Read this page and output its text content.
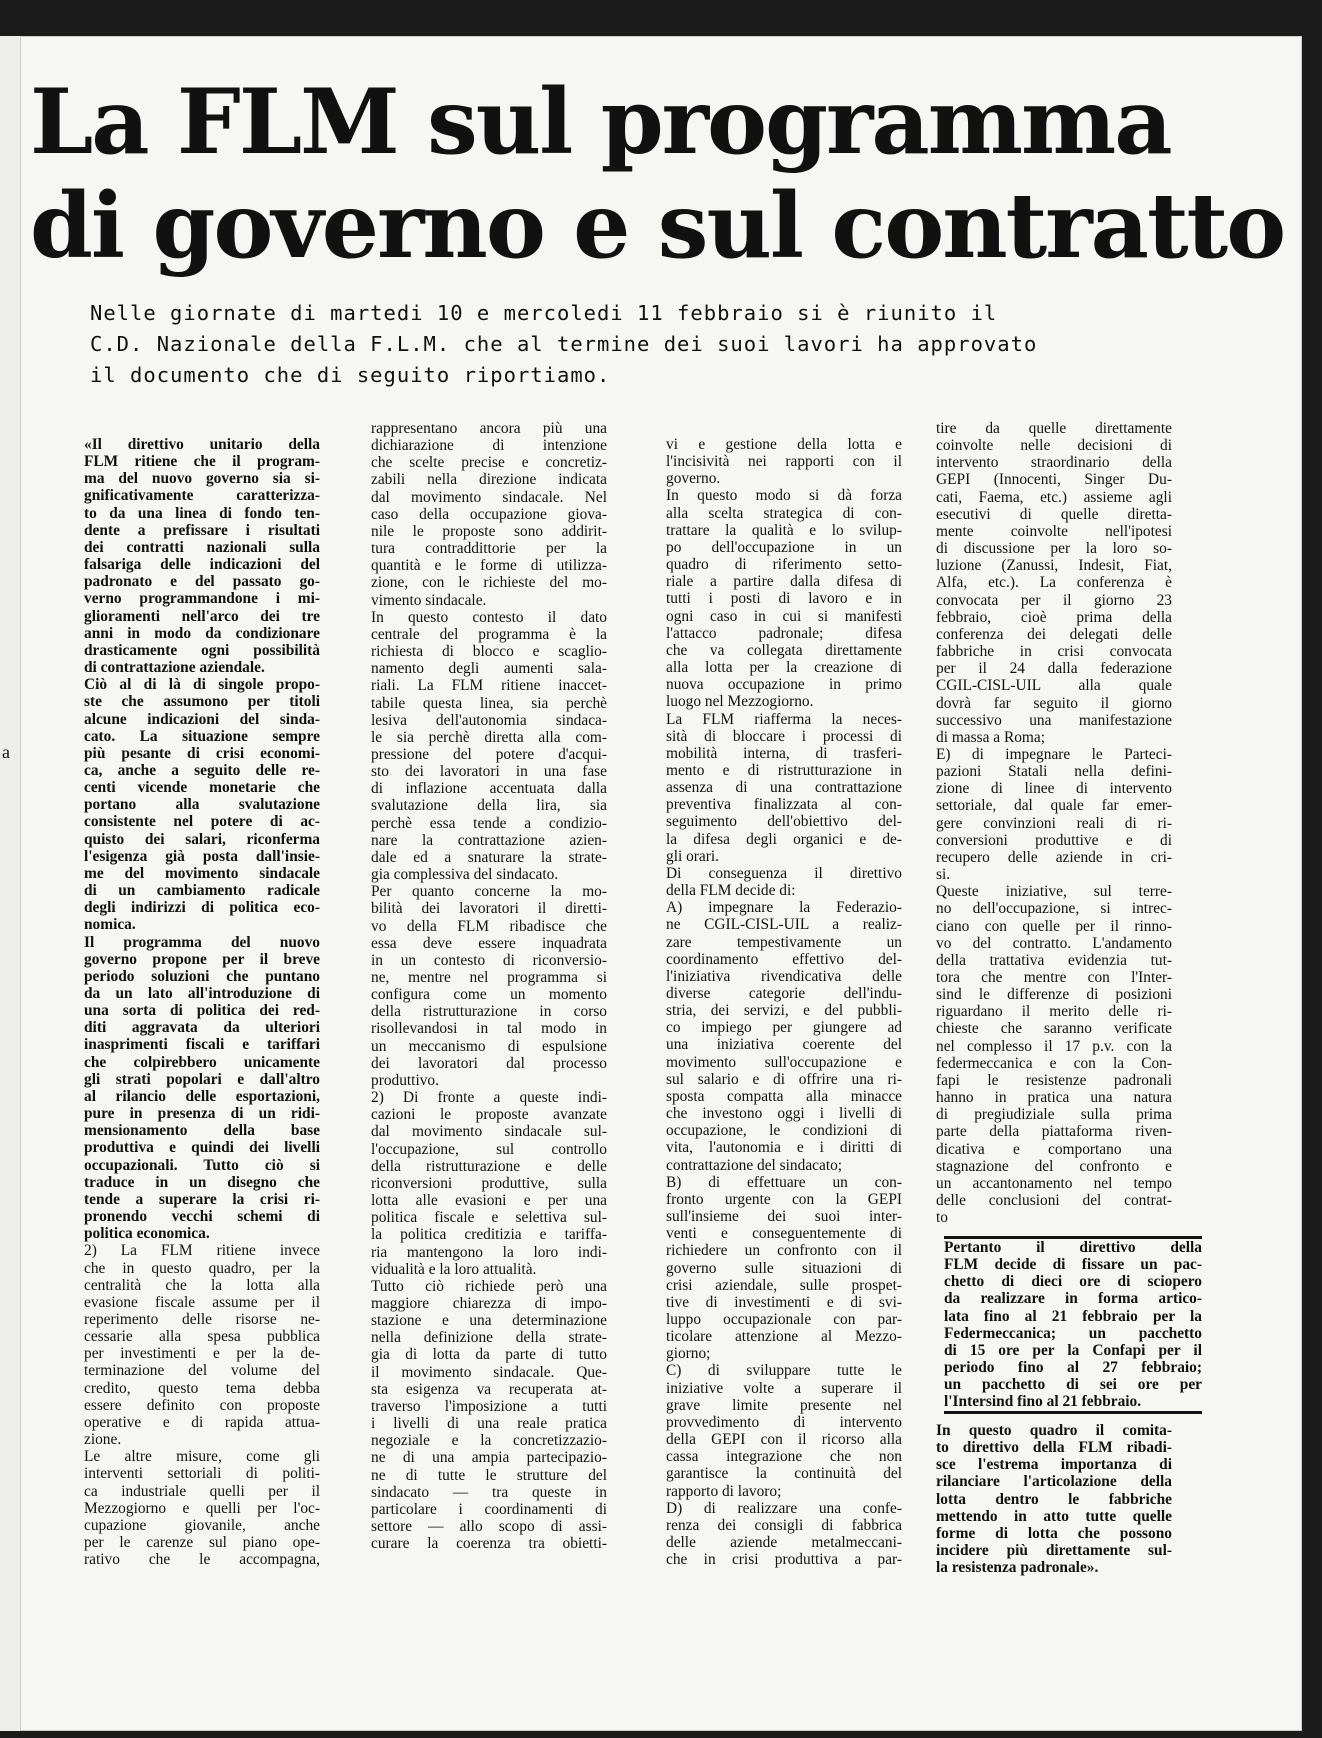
a
La FLM sul programma
di governo e sul contratto
Nelle giornate di martedi 10 e mercoledi 11 febbraio si è riunito il
C.D. Nazionale della F.L.M. che al termine dei suoi lavori ha approvato
il documento che di seguito riportiamo.
«Il direttivo unitario della
FLM ritiene che il program-
ma del nuovo governo sia si-
gnificativamente caratterizza-
to da una linea di fondo ten-
dente a prefissare i risultati
dei contratti nazionali sulla
falsariga delle indicazioni del
padronato e del passato go-
verno programmandone i mi-
glioramenti nell'arco dei tre
anni in modo da condizionare
drasticamente ogni possibilità
di contrattazione aziendale.
Ciò al di là di singole propo-
ste che assumono per titoli
alcune indicazioni del sinda-
cato. La situazione sempre
più pesante di crisi economi-
ca, anche a seguito delle re-
centi vicende monetarie che
portano alla svalutazione
consistente nel potere di ac-
quisto dei salari, riconferma
l'esigenza già posta dall'insie-
me del movimento sindacale
di un cambiamento radicale
degli indirizzi di politica eco-
nomica.
Il programma del nuovo
governo propone per il breve
periodo soluzioni che puntano
da un lato all'introduzione di
una sorta di politica dei red-
diti aggravata da ulteriori
inasprimenti fiscali e tariffari
che colpirebbero unicamente
gli strati popolari e dall'altro
al rilancio delle esportazioni,
pure in presenza di un ridi-
mensionamento della base
produttiva e quindi dei livelli
occupazionali. Tutto ciò si
traduce in un disegno che
tende a superare la crisi ri-
pronendo vecchi schemi di
politica economica.
2) La FLM ritiene invece
che in questo quadro, per la
centralità che la lotta alla
evasione fiscale assume per il
reperimento delle risorse ne-
cessarie alla spesa pubblica
per investimenti e per la de-
terminazione del volume del
credito, questo tema debba
essere definito con proposte
operative e di rapida attua-
zione.
Le altre misure, come gli
interventi settoriali di politi-
ca industriale quelli per il
Mezzogiorno e quelli per l'oc-
cupazione giovanile, anche
per le carenze sul piano ope-
rativo che le accompagna,
rappresentano ancora più una
dichiarazione di intenzione
che scelte precise e concretiz-
zabili nella direzione indicata
dal movimento sindacale. Nel
caso della occupazione giova-
nile le proposte sono addirit-
tura contraddittorie per la
quantità e le forme di utilizza-
zione, con le richieste del mo-
vimento sindacale.
In questo contesto il dato
centrale del programma è la
richiesta di blocco e scaglio-
namento degli aumenti sala-
riali. La FLM ritiene inaccet-
tabile questa linea, sia perchè
lesiva dell'autonomia sindaca-
le sia perchè diretta alla com-
pressione del potere d'acqui-
sto dei lavoratori in una fase
di inflazione accentuata dalla
svalutazione della lira, sia
perchè essa tende a condizio-
nare la contrattazione azien-
dale ed a snaturare la strate-
gia complessiva del sindacato.
Per quanto concerne la mo-
bilità dei lavoratori il diretti-
vo della FLM ribadisce che
essa deve essere inquadrata
in un contesto di riconversio-
ne, mentre nel programma si
configura come un momento
della ristrutturazione in corso
risollevandosi in tal modo in
un meccanismo di espulsione
dei lavoratori dal processo
produttivo.
2) Di fronte a queste indi-
cazioni le proposte avanzate
dal movimento sindacale sul-
l'occupazione, sul controllo
della ristrutturazione e delle
riconversioni produttive, sulla
lotta alle evasioni e per una
politica fiscale e selettiva sul-
la politica creditizia e tariffa-
ria mantengono la loro indi-
vidualità e la loro attualità.
Tutto ciò richiede però una
maggiore chiarezza di impo-
stazione e una determinazione
nella definizione della strate-
gia di lotta da parte di tutto
il movimento sindacale. Que-
sta esigenza va recuperata at-
traverso l'imposizione a tutti
i livelli di una reale pratica
negoziale e la concretizzazio-
ne di una ampia partecipazio-
ne di tutte le strutture del
sindacato — tra queste in
particolare i coordinamenti di
settore — allo scopo di assi-
curare la coerenza tra obietti-
vi e gestione della lotta e
l'incisività nei rapporti con il
governo.
In questo modo si dà forza
alla scelta strategica di con-
trattare la qualità e lo svilup-
po dell'occupazione in un
quadro di riferimento setto-
riale a partire dalla difesa di
tutti i posti di lavoro e in
ogni caso in cui si manifesti
l'attacco padronale; difesa
che va collegata direttamente
alla lotta per la creazione di
nuova occupazione in primo
luogo nel Mezzogiorno.
La FLM riafferma la neces-
sità di bloccare i processi di
mobilità interna, di trasferi-
mento e di ristrutturazione in
assenza di una contrattazione
preventiva finalizzata al con-
seguimento dell'obiettivo del-
la difesa degli organici e de-
gli orari.
Di conseguenza il direttivo
della FLM decide di:
A) impegnare la Federazio-
ne CGIL-CISL-UIL a realiz-
zare tempestivamente un
coordinamento effettivo del-
l'iniziativa rivendicativa delle
diverse categorie dell'indu-
stria, dei servizi, e del pubbli-
co impiego per giungere ad
una iniziativa coerente del
movimento sull'occupazione e
sul salario e di offrire una ri-
sposta compatta alla minacce
che investono oggi i livelli di
occupazione, le condizioni di
vita, l'autonomia e i diritti di
contrattazione del sindacato;
B) di effettuare un con-
fronto urgente con la GEPI
sull'insieme dei suoi inter-
venti e conseguentemente di
richiedere un confronto con il
governo sulle situazioni di
crisi aziendale, sulle prospet-
tive di investimenti e di svi-
luppo occupazionale con par-
ticolare attenzione al Mezzo-
giorno;
C) di sviluppare tutte le
iniziative volte a superare il
grave limite presente nel
provvedimento di intervento
della GEPI con il ricorso alla
cassa integrazione che non
garantisce la continuità del
rapporto di lavoro;
D) di realizzare una confe-
renza dei consigli di fabbrica
delle aziende metalmeccani-
che in crisi produttiva a par-
tire da quelle direttamente
coinvolte nelle decisioni di
intervento straordinario della
GEPI (Innocenti, Singer Du-
cati, Faema, etc.) assieme agli
esecutivi di quelle diretta-
mente coinvolte nell'ipotesi
di discussione per la loro so-
luzione (Zanussi, Indesit, Fiat,
Alfa, etc.). La conferenza è
convocata per il giorno 23
febbraio, cioè prima della
conferenza dei delegati delle
fabbriche in crisi convocata
per il 24 dalla federazione
CGIL-CISL-UIL alla quale
dovrà far seguito il giorno
successivo una manifestazione
di massa a Roma;
E) di impegnare le Parteci-
pazioni Statali nella defini-
zione di linee di intervento
settoriale, dal quale far emer-
gere convinzioni reali di ri-
conversioni produttive e di
recupero delle aziende in cri-
si.
Queste iniziative, sul terre-
no dell'occupazione, si intrec-
ciano con quelle per il rinno-
vo del contratto. L'andamento
della trattativa evidenzia tut-
tora che mentre con l'Inter-
sind le differenze di posizioni
riguardano il merito delle ri-
chieste che saranno verificate
nel complesso il 17 p.v. con la
federmeccanica e con la Con-
fapi le resistenze padronali
hanno in pratica una natura
di pregiudiziale sulla prima
parte della piattaforma riven-
dicativa e comportano una
stagnazione del confronto e
un accantonamento nel tempo
delle conclusioni del contrat-
to
Pertanto il direttivo della
FLM decide di fissare un pac-
chetto di dieci ore di sciopero
da realizzare in forma artico-
lata fino al 21 febbraio per la
Federmeccanica; un pacchetto
di 15 ore per la Confapi per il
periodo fino al 27 febbraio;
un pacchetto di sei ore per
l'Intersind fino al 21 febbraio.
In questo quadro il comita-
to direttivo della FLM ribadi-
sce l'estrema importanza di
rilanciare l'articolazione della
lotta dentro le fabbriche
mettendo in atto tutte quelle
forme di lotta che possono
incidere più direttamente sul-
la resistenza padronale».
